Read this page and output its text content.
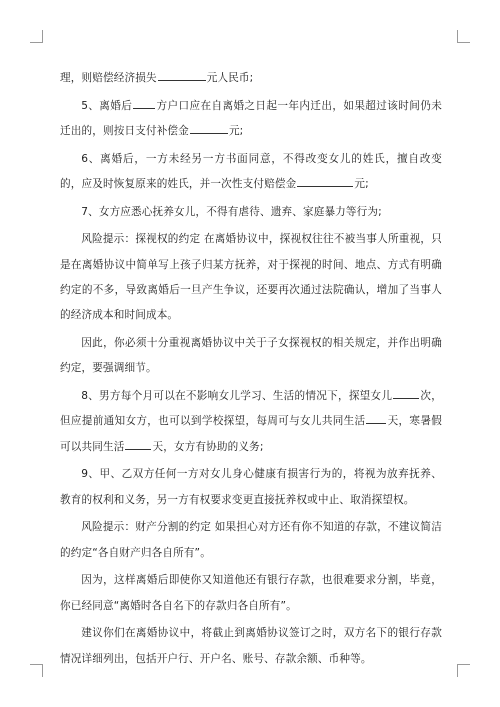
理，则赔偿经济损失	元人民币;

5、离婚后 方户口应在自离婚之日起一年内迁出，如果超过该时间仍未迁出的，则按日支付补偿金	元;

6、离婚后，一方未经另一方书面同意，不得改变女儿的姓氏，擅自改变的，应及时恢复原来的姓氏，并一次性支付赔偿金	元;

7、女方应悉心抚养女儿，不得有虐待、遗弃、家庭暴力等行为;

风险提示：探视权的约定 在离婚协议中，探视权往往不被当事人所重视，只是在离婚协议中简单写上孩子归某方抚养，对于探视的时间、地点、方式有明确约定的不多，导致离婚后一旦产生争议，还要再次通过法院确认，增加了当事人的经济成本和时间成本。

因此，你必须十分重视离婚协议中关于子女探视权的相关规定，并作出明确约定，要强调细节。

8、男方每个月可以在不影响女儿学习、生活的情况下，探望女儿	次，但应提前通知女方，也可以到学校探望，每周可与女儿共同生活 天，寒暑假可以共同生活	天，女方有协助的义务;

9、甲、乙双方任何一方对女儿身心健康有损害行为的，将视为放弃抚养、教育的权利和义务，另一方有权要求变更直接抚养权或中止、取消探望权。

风险提示：财产分割的约定 如果担心对方还有你不知道的存款，不建议简洁的约定“各自财产归各自所有”。

因为，这样离婚后即使你又知道他还有银行存款，也很难要求分割，毕竟，你已经同意“离婚时各自名下的存款归各自所有”。

建议你们在离婚协议中，将截止到离婚协议签订之时，双方名下的银行存款情况详细列出，包括开户行、开户名、账号、存款余额、币种等。
